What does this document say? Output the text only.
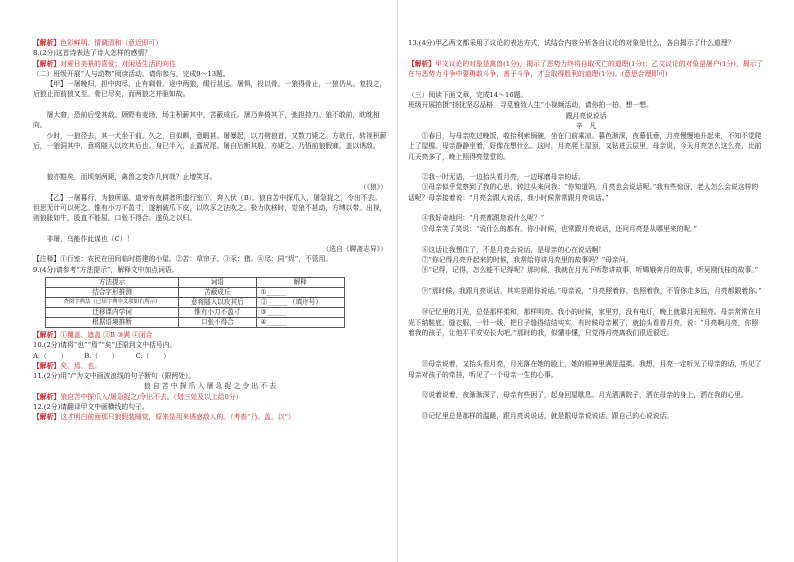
【解析】色彩鲜明、情调清和（意近即可）

8.(2分)这首诗表达了诗人怎样的感情？

【解析】对夏日美景的喜爱；对闲适生活的向往

（二）班级开展“人与动物”阅读活动。请你参与，完成9～13题。

【甲】一屠晚归，担中肉尽，止有剩骨。途中两狼，缀行甚远。屠惧，投以骨。一狼得骨止，一狼仍从。复投之，后狼止而前狼又至。骨已尽矣，而两狼之并驱如故。

屠大窘，恐前后受其敌。顾野有麦场，场主积薪其中，苫蔽成丘。屠乃奔倚其下，弛担持刀。狼不敢前，眈眈相向。

少时，一狼径去，其一犬坐于前。久之，目似瞑，意暇甚。屠暴起，以刀劈狼首，又数刀毙之。方欲行，转视积薪后，一狼洞其中，意将隧入以攻其后也。身已半入，止露尻尾。屠自后断其股，亦毙之。乃悟前狼假寐，盖以诱敌。

狼亦黠矣，而顷刻两毙，禽兽之变诈几何哉？止增笑耳。

（《狼》）

【乙】一屠暮行，为狼所逼。道旁有夜耕者所遗行室①，奔入伏（B）。狼自苫中探爪入，屠急捉之，令出不去。但思无计可以死之。惟有小刀不盈寸，遂割破爪下皮，以吹豕之法吹之。极力吹移时，觉狼不甚动，方缚以带。出视，则狼胀如牛，股直不能屈，口张不得合。遂负之以归。

非屠，乌能作此谋也（C）！

（选自《聊斋志异》）

【注释】①行室：农民在田间临时搭建的小屋。②苫：草帘子。③豕：猪。④尽：同“烬”，不管用。

9.(4分)请参考“方法提示”，解释文中加点词语。

方法提示	词语	解释
结合字形推测	苫蔽成丘	①______
查阅字典法（已知字典中义项如右所示）	意将隧入以攻其后	②______ （填序号）
迁移课内学词	惟有小刀不盈寸	③______
根据语境推断	口张不得合	④______

【解析】①覆盖、遮盖 ②B ③满 ④闭合

10.(2分)请将“也”“焉”“矣”还原到文中括号内。

A.（　　）　　　B.（　　）　　　C.（　　）

【解析】矣、焉、也。

11.(2分)用“/”为文中画波浪线的句子断句（限两处）。

狼 自 苫 中 探 爪 入 屠 急 捉 之 令 出 不 去

【解析】狼自苫中探爪入/屠急捉之/令出不去。（划三处及以上给0分）

12.(2分)请翻译甲文中画横线的句子。

【解析】这才明白前面那只狼假装睡觉，原来是用来诱惑敌人的。（考查“乃、盖、以”）

13.(4分)甲乙两文都采用了议论的表达方式，试结合内容分析各自议论的对象是什么，各自揭示了什么道理？

【解析】甲文议论的对象是禽兽(1分)，揭示了恶势力终将自取灭亡的道理(1分)；乙文议论的对象是屠户(1分)，揭示了在与恶势力斗争中要勇敢斗争，善于斗争，才会取得胜利的道理(1分)。(意思合理即可)

（三）阅读下面文章，完成14～16题。

班级开展拍摄“扬抚坚忍品格　寻觅雅致人生”小视频活动，请你拍一拍、想一想。

跟月亮说说话

辛　凡

①春日，与母亲吃过晚饭，收拾利索锅碗，坐在门前乘凉。暮色渐深，夜幕低垂，月亮慢慢地升起来，不知不觉爬上了屋檐。母亲静静坐着，好像在想什么。这时，月亮爬上屋顶，又钻进云层里，母亲说，今天月亮怎么这么亮，比前几天亮多了，晚上照得亮堂堂的。

②我一时无语，一边抬头看月亮，一边琢磨母亲的话。

③母亲似乎觉察到了我的心思，转过头来问我：“你知道吗，月亮也会说话呢。”我有些惊讶，老人怎么会说这样的话呢？母亲接着说：“月亮会跟人说话，我小时候常常跟月亮说话。”

④我好奇地问：“月亮都跟您说什么呢？”

⑤母亲笑了笑说：“说什么的都有。你小时候，也常跟月亮说话，还问月亮是从哪里来的呢。”

⑥这话让我愣住了，不是月亮会说话，是母亲的心在说话啊！

⑦“你记得月亮升起来的时候，我常给你讲月亮里的故事吗？”母亲问。

⑧“记得，记得，怎么能不记得呢？那时候，我就在月光下听您讲故事，听嫦娥奔月的故事，听吴刚伐桂的故事。”

⑨“那时候，我跟月亮说话，其实是跟你说话。”母亲说，“月亮照着你，也照着我，不管你走多远，月亮都跟着你。”

⑩记忆里的月光，总是那样柔和，那样明亮。我小的时候，家里穷，没有电灯，晚上就靠月光照亮。母亲常常在月光下纳鞋底、缝衣服，一针一线，把日子缝得结结实实。有时候母亲累了，就抬头看看月亮，说：“月亮啊月亮，你照着我的孩子，让他平平安安长大吧。”那时的我，似懂非懂，只觉得月亮离我们很近很近。

⑪母亲说着，又抬头看月亮，月光落在她的脸上，她的眼神里满是温柔。我想，月亮一定听见了母亲的话，听见了母亲对孩子的牵挂，听见了一个母亲一生的心事。

⑫说着说着，夜渐渐深了，母亲有些困了，起身回屋歇息。月光洒满院子，洒在母亲的身上，洒在我的心里。

⑬记忆里总是那样的温暖，跟月亮说说话，就是跟母亲说说话，跟自己的心说说话。
